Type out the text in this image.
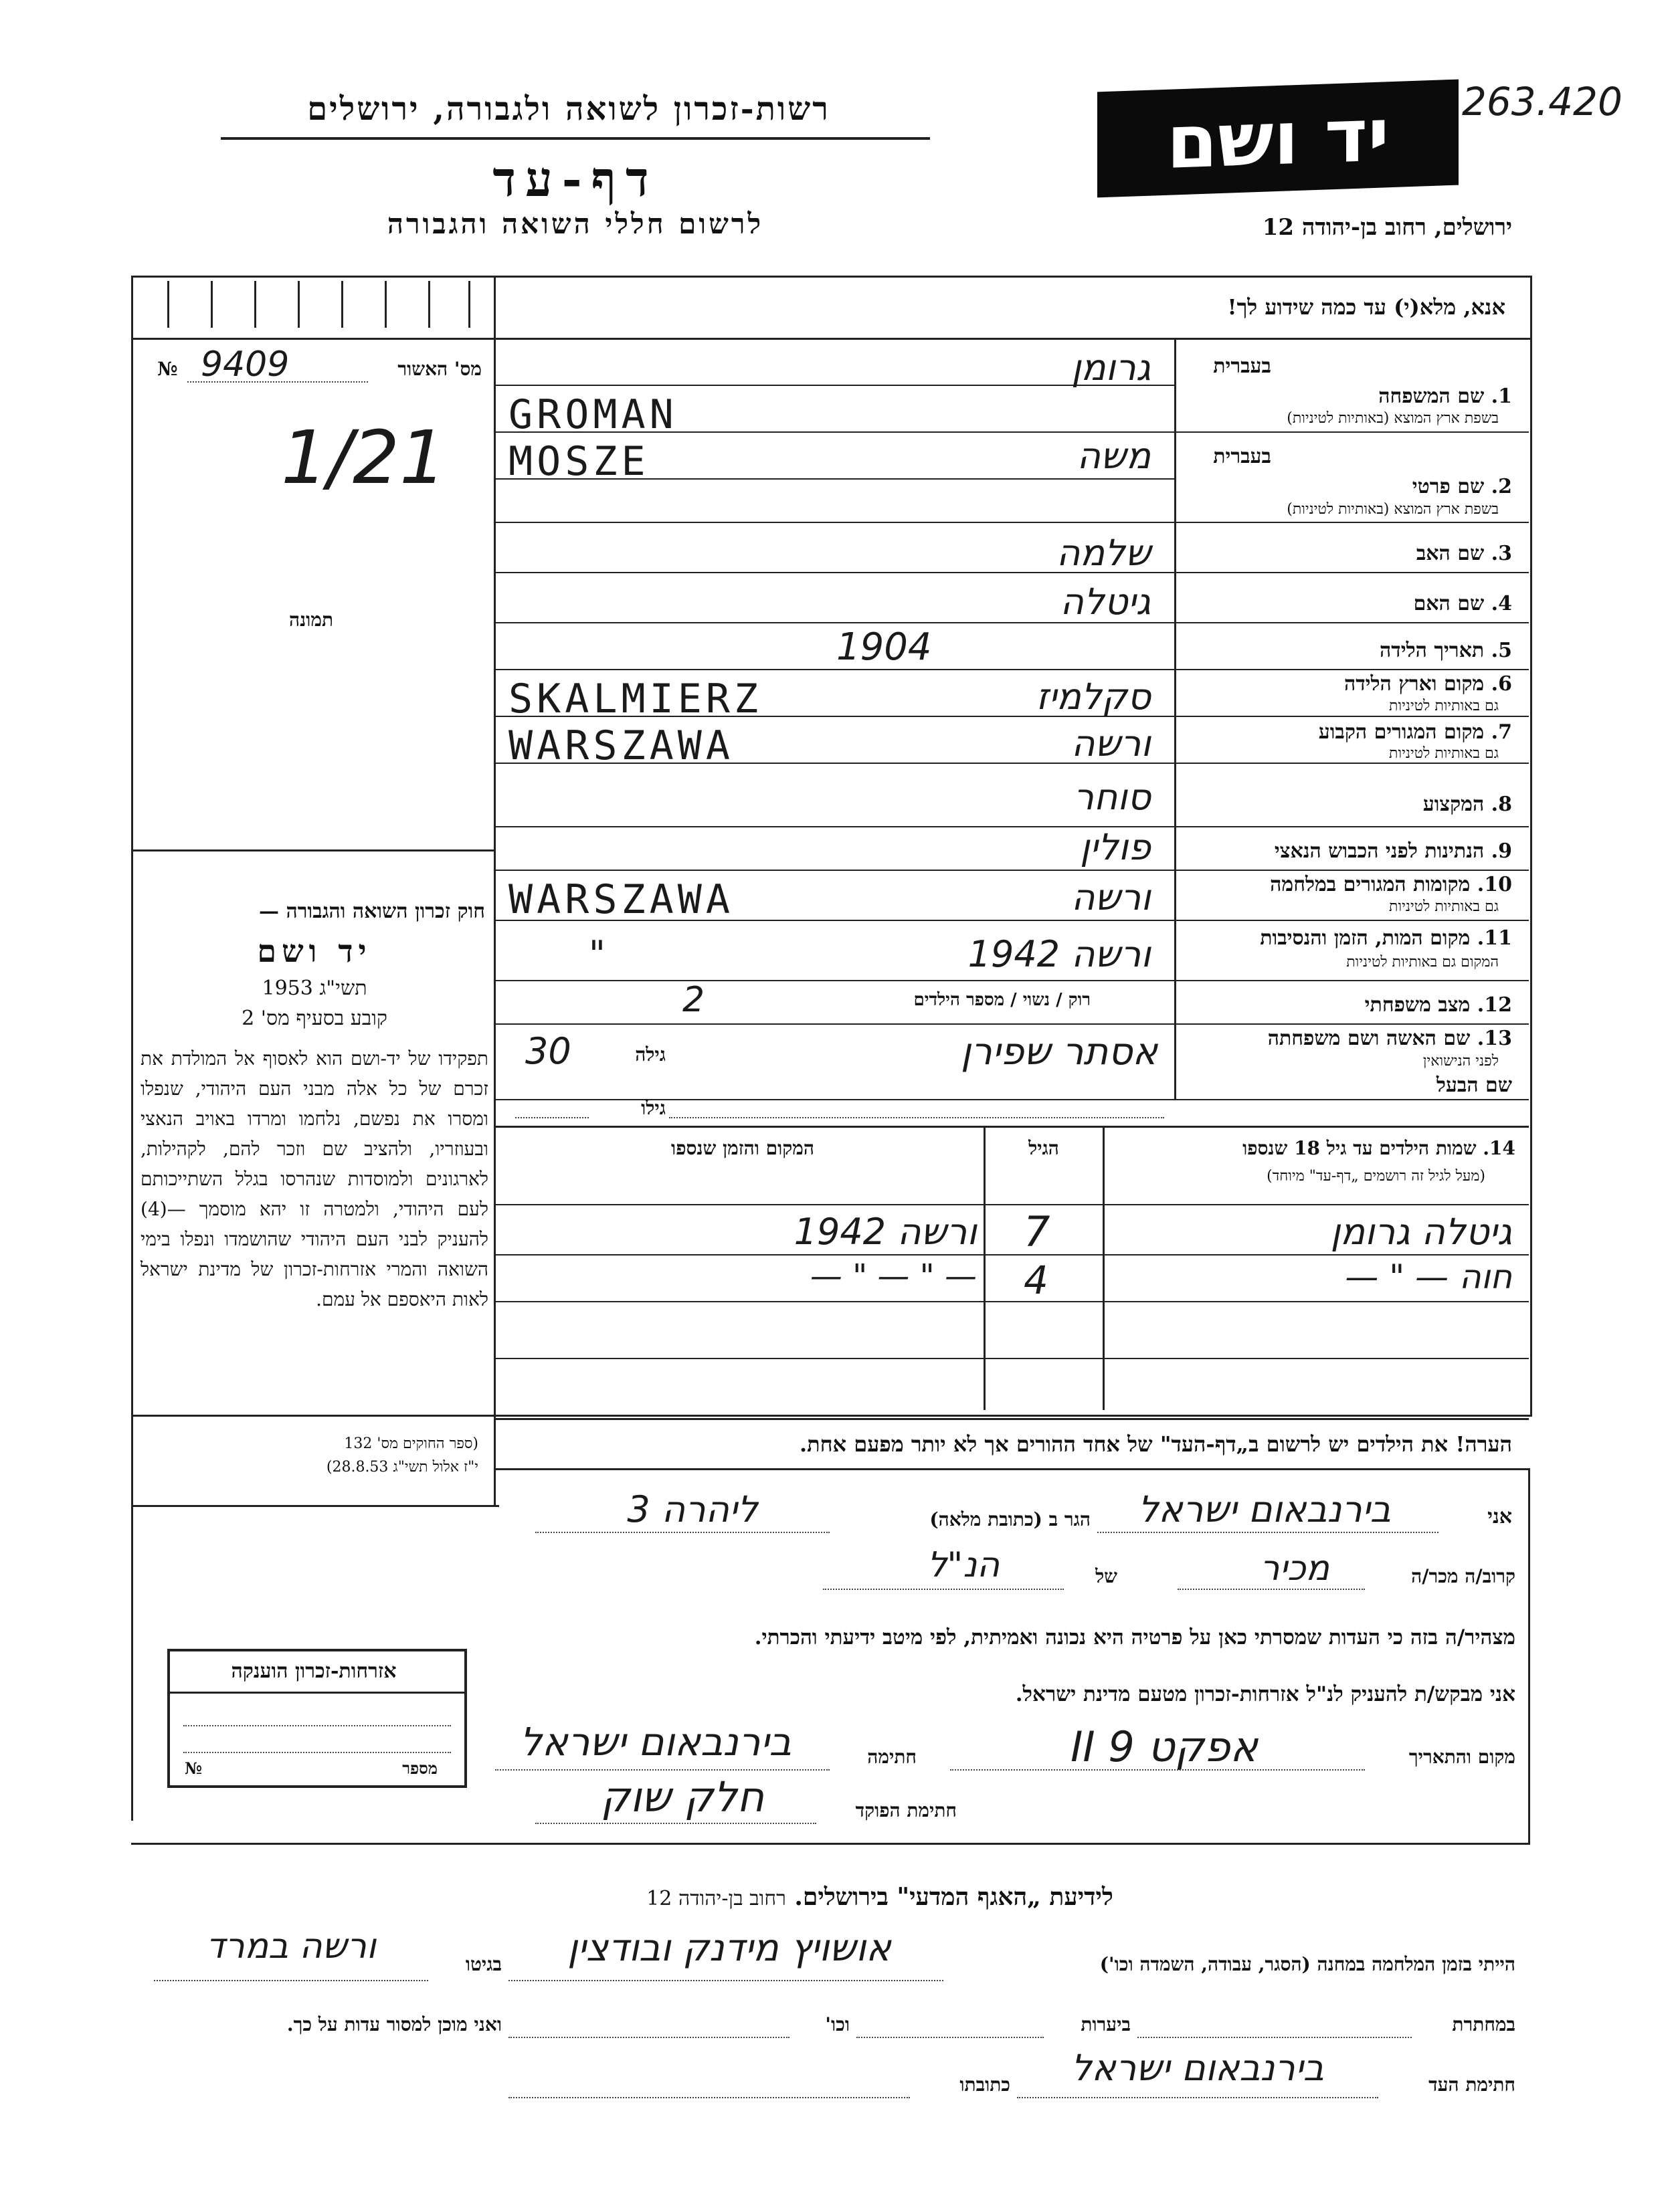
263.420
יד ושם
רשות-זכרון לשואה ולגבורה, ירושלים
דף-עד
לרשום חללי השואה והגבורה	ירושלים, רחוב בן-יהודה 12
אנא, מלא(י) עד כמה שידוע לך!
מס' האשור
№ 9409
1/21
תמונה
חוק זכרון השואה והגבורה —
יד ושם
תשי"ג 1953
קובע בסעיף מס' 2
תפקידו של יד-ושם הוא לאסוף אל המולדת את זכרם של כל אלה מבני העם היהודי, שנפלו ומסרו את נפשם, נלחמו ומרדו באויב הנאצי ובעוזריו, ולהציב שם וזכר להם, לקהילות, לארגונים ולמוסדות שנהרסו בגלל השתייכותם לעם היהודי, ולמטרה זו יהא מוסמך —(4) להעניק לבני העם היהודי שהושמדו ונפלו בימי השואה והמרי אזרחות-זכרון של מדינת ישראל לאות היאספם אל עמם.
(ספר החוקים מס' 132
י"ז אלול תשי"ג 28.8.53)
בעברית
1. שם המשפחה
בשפת ארץ המוצא (באותיות לטיניות)
בעברית
2. שם פרטי
בשפת ארץ המוצא (באותיות לטיניות)
3. שם האב
4. שם האם
5. תאריך הלידה
6. מקום וארץ הלידה
גם באותיות לטיניות
7. מקום המגורים הקבוע
גם באותיות לטיניות
8. המקצוע
9. הנתינות לפני הכבוש הנאצי
10. מקומות המגורים במלחמה
גם באותיות לטיניות
11. מקום המות, הזמן והנסיבות
המקום גם באותיות לטיניות
12. מצב משפחתי
13. שם האשה ושם משפחתה
לפני הנישואין
שם הבעל
גרומן
GROMAN
משה
MOSZE
שלמה
גיטלה
1904
סקלמיז
SKALMIERZ
ורשה
WARSZAWA
סוחר
פולין
ורשה
WARSZAWA
ורשה 1942
"
רוק / נשוי / מספר הילדים
2
אסתר שפירן
גילה
30
גילו
14. שמות הילדים עד גיל 18 שנספו
(מעל לגיל זה רושמים „דף-עד" מיוחד)
הגיל
המקום והזמן שנספו
גיטלה גרומן
7
ורשה 1942
חוה — " —
4
— " — " —
הערה! את הילדים יש לרשום ב„דף-העד" של אחד ההורים אך לא יותר מפעם אחת.
אני
בירנבאום ישראל
הגר ב (כתובת מלאה)
ליהרה 3
קרוב/ה מכר/ה
מכיר
של
הנ"ל
מצהיר/ה בזה כי העדות שמסרתי כאן על פרטיה היא נכונה ואמיתית, לפי מיטב ידיעתי והכרתי.
אני מבקש/ת להעניק לנ"ל אזרחות-זכרון מטעם מדינת ישראל.
מקום והתאריך
אפקט 9 II
חתימה
בירנבאום ישראל
חתימת הפוקד
חלק שוק
אזרחות-זכרון הוענקה
מספר
№
לידיעת „האגף המדעי" בירושלים. רחוב בן-יהודה 12
הייתי בזמן המלחמה במחנה (הסגר, עבודה, השמדה וכו')
אושויץ מידנק ובודצין
בגיטו
ורשה במרד
במחתרת
ביערות
וכו'
ואני מוכן למסור עדות על כך.
חתימת העד
בירנבאום ישראל
כתובתו
